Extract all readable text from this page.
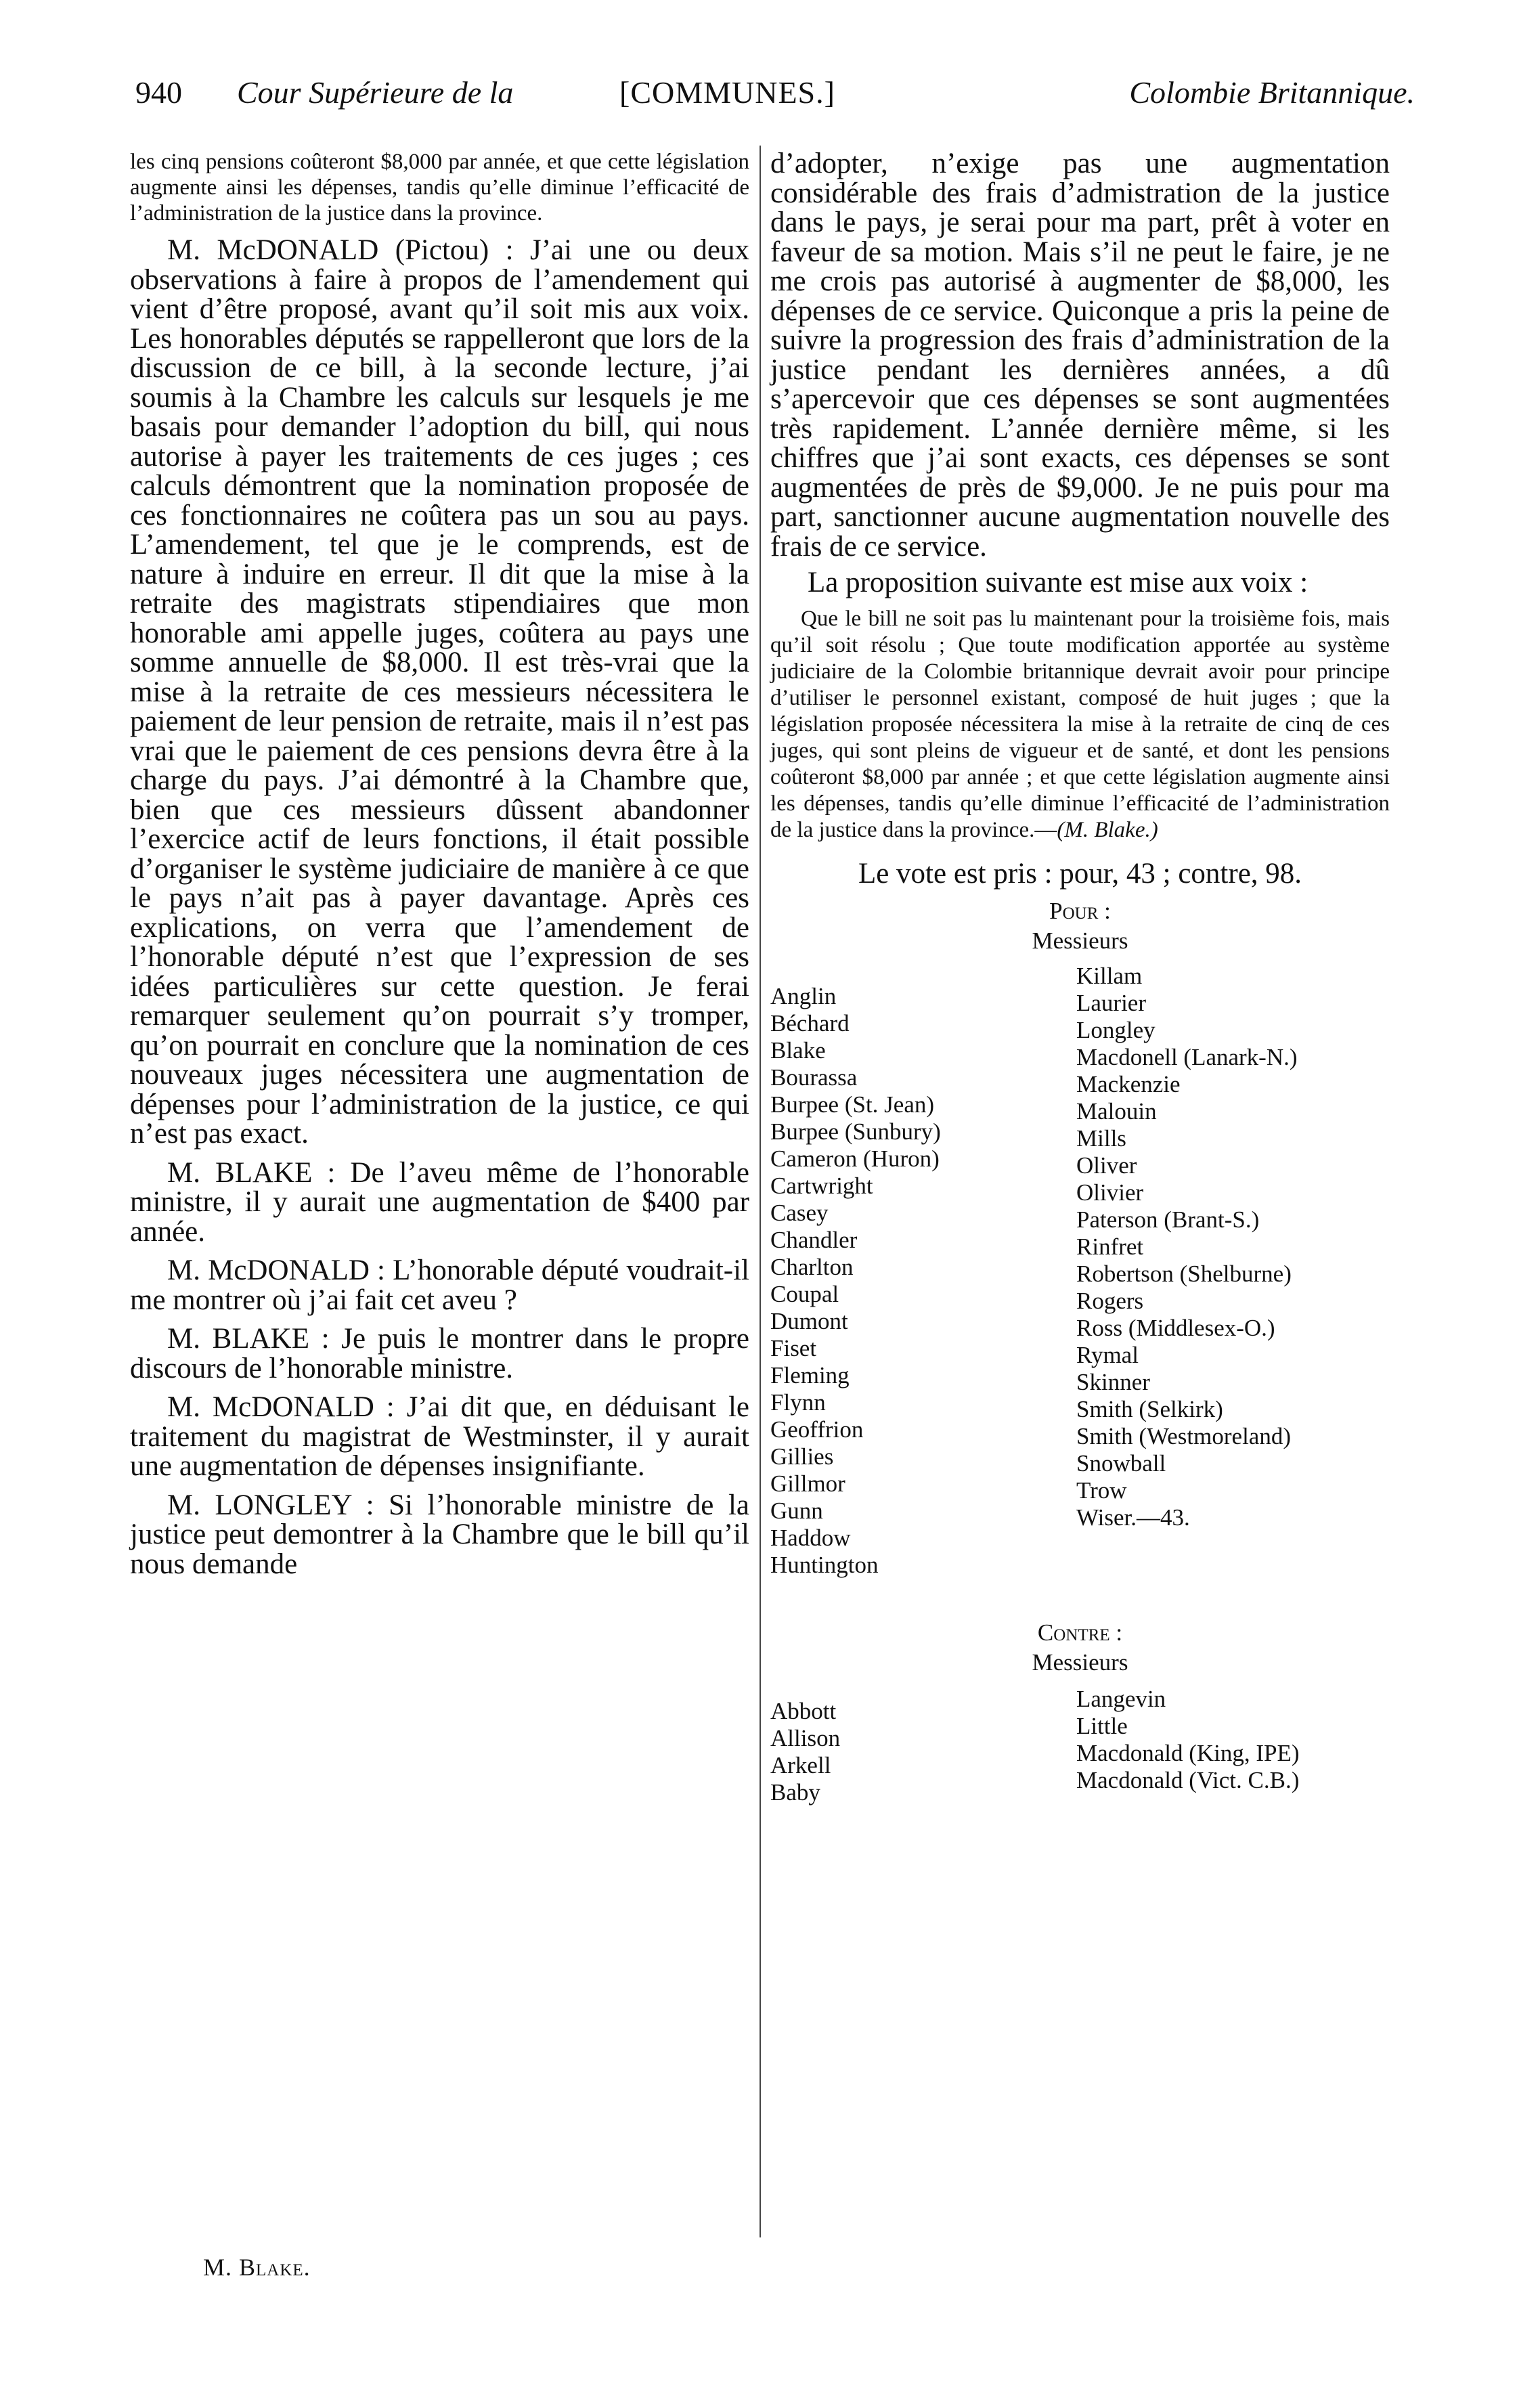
940 Cour Supérieure de la	[COMMUNES.]	Colombie Britannique.

les cinq pensions coûteront $8,000 par année, et que cette législation augmente ainsi les dépenses, tandis qu’elle diminue l’efficacité de l’administration de la justice dans la province.

M. McDONALD (Pictou) : J’ai une ou deux observations à faire à propos de l’amendement qui vient d’être proposé, avant qu’il soit mis aux voix. Les honorables députés se rappelleront que lors de la discussion de ce bill, à la seconde lecture, j’ai soumis à la Chambre les calculs sur lesquels je me basais pour demander l’adoption du bill, qui nous autorise à payer les traitements de ces juges ; ces calculs démontrent que la nomination proposée de ces fonctionnaires ne coûtera pas un sou au pays. L’amendement, tel que je le comprends, est de nature à induire en erreur. Il dit que la mise à la retraite des magistrats stipendiaires que mon honorable ami appelle juges, coûtera au pays une somme annuelle de $8,000. Il est très-vrai que la mise à la retraite de ces messieurs nécessitera le paiement de leur pension de retraite, mais il n’est pas vrai que le paiement de ces pensions devra être à la charge du pays. J’ai démontré à la Chambre que, bien que ces messieurs dûssent abandonner l’exercice actif de leurs fonctions, il était possible d’organiser le système judiciaire de manière à ce que le pays n’ait pas à payer davantage. Après ces explications, on verra que l’amendement de l’honorable député n’est que l’expression de ses idées particulières sur cette question. Je ferai remarquer seulement qu’on pourrait s’y tromper, qu’on pourrait en conclure que la nomination de ces nouveaux juges nécessitera une augmentation de dépenses pour l’administration de la justice, ce qui n’est pas exact.

M. BLAKE : De l’aveu même de l’honorable ministre, il y aurait une augmentation de $400 par année.

M. McDONALD : L’honorable député voudrait-il me montrer où j’ai fait cet aveu ?

M. BLAKE : Je puis le montrer dans le propre discours de l’honorable ministre.

M. McDONALD : J’ai dit que, en déduisant le traitement du magistrat de Westminster, il y aurait une augmentation de dépenses insignifiante.

M. LONGLEY : Si l’honorable ministre de la justice peut demontrer à la Chambre que le bill qu’il nous demande

d’adopter, n’exige pas une augmentation considérable des frais d’admistration de la justice dans le pays, je serai pour ma part, prêt à voter en faveur de sa motion. Mais s’il ne peut le faire, je ne me crois pas autorisé à augmenter de $8,000, les dépenses de ce service. Quiconque a pris la peine de suivre la progression des frais d’administration de la justice pendant les dernières années, a dû s’apercevoir que ces dépenses se sont augmentées très rapidement. L’année dernière même, si les chiffres que j’ai sont exacts, ces dépenses se sont augmentées de près de $9,000. Je ne puis pour ma part, sanctionner aucune augmentation nouvelle des frais de ce service.

La proposition suivante est mise aux voix :

Que le bill ne soit pas lu maintenant pour la troisième fois, mais qu’il soit résolu ; Que toute modification apportée au système judiciaire de la Colombie britannique devrait avoir pour principe d’utiliser le personnel existant, composé de huit juges ; que la législation proposée nécessitera la mise à la retraite de cinq de ces juges, qui sont pleins de vigueur et de santé, et dont les pensions coûteront $8,000 par année ; et que cette législation augmente ainsi les dépenses, tandis qu’elle diminue l’efficacité de l’administration de la justice dans la province.—(M. Blake.)

Le vote est pris : pour, 43 ; contre, 98.

Pour :
Messieurs
Anglin
Béchard
Blake
Bourassa
Burpee (St. Jean)
Burpee (Sunbury)
Cameron (Huron)
Cartwright
Casey
Chandler
Charlton
Coupal
Dumont
Fiset
Fleming
Flynn
Geoffrion
Gillies
Gillmor
Gunn
Haddow
Huntington
Killam
Laurier
Longley
Macdonell (Lanark-N.)
Mackenzie
Malouin
Mills
Oliver
Olivier
Paterson (Brant-S.)
Rinfret
Robertson (Shelburne)
Rogers
Ross (Middlesex-O.)
Rymal
Skinner
Smith (Selkirk)
Smith (Westmoreland)
Snowball
Trow
Wiser.—43.
Contre :
Messieurs
Abbott
Allison
Arkell
Baby
Langevin
Little
Macdonald (King, IPE)
Macdonald (Vict. C.B.)
M. Blake.
